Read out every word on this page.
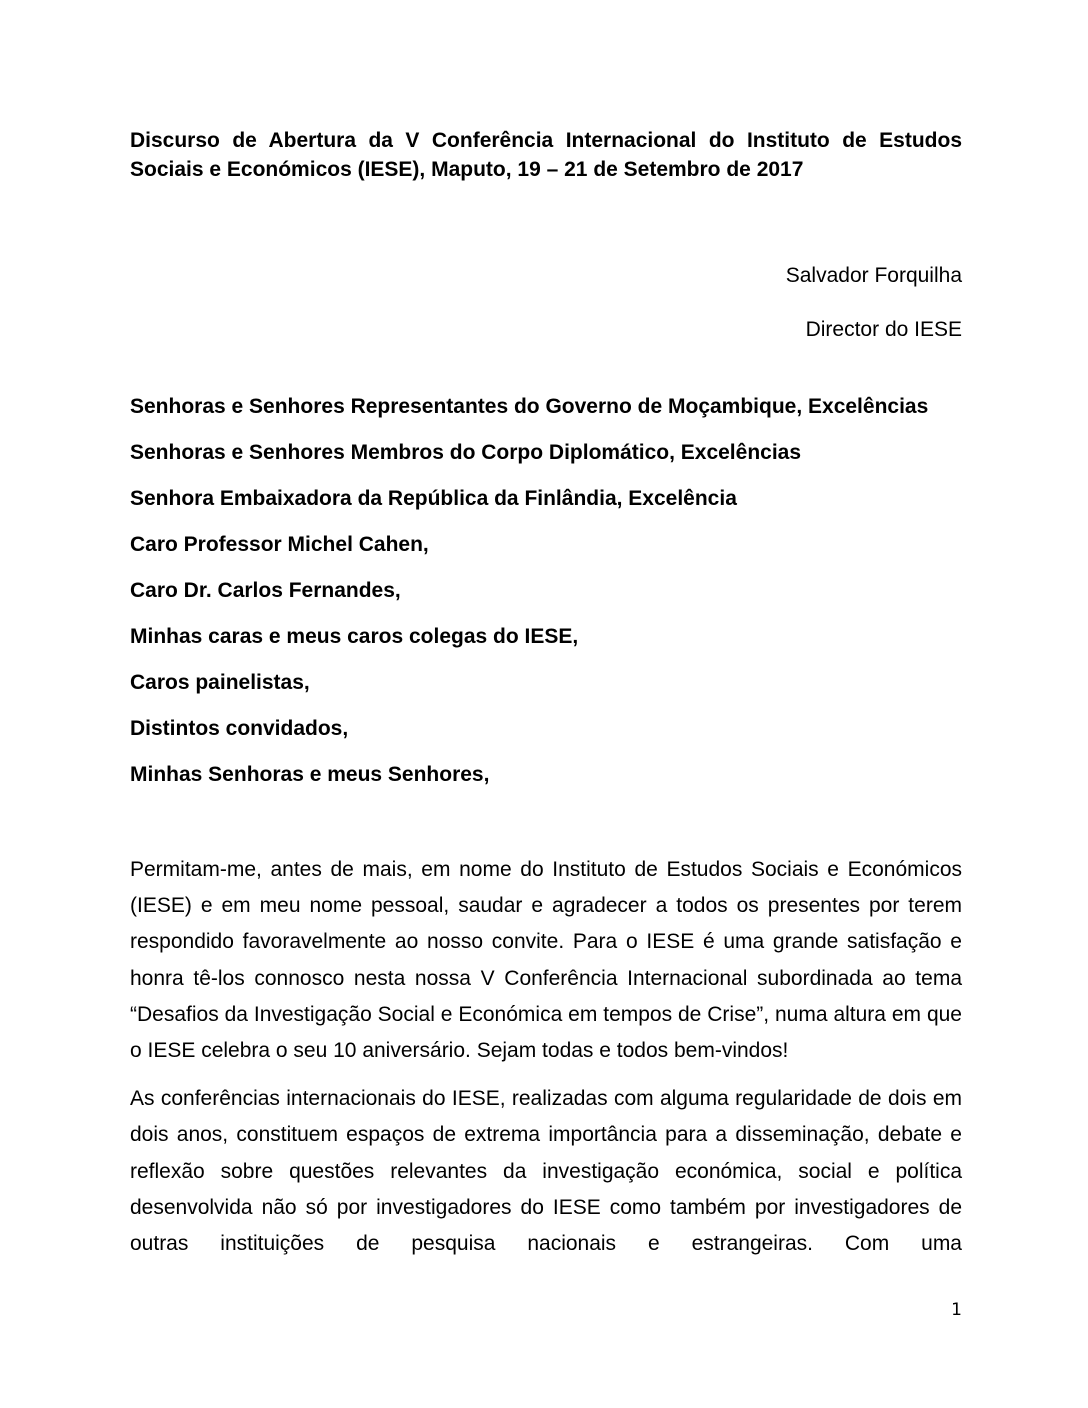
Discurso de Abertura da V Conferência Internacional do Instituto de Estudos Sociais e Económicos (IESE), Maputo, 19 – 21 de Setembro de 2017
Salvador Forquilha
Director do IESE
Senhoras e Senhores Representantes do Governo de Moçambique, Excelências
Senhoras e Senhores Membros do Corpo Diplomático, Excelências
Senhora Embaixadora da República da Finlândia, Excelência
Caro Professor Michel Cahen,
Caro Dr. Carlos Fernandes,
Minhas caras e meus caros colegas do IESE,
Caros painelistas,
Distintos convidados,
Minhas Senhoras e meus Senhores,

Permitam-me, antes de mais, em nome do Instituto de Estudos Sociais e Económicos (IESE) e em meu nome pessoal, saudar e agradecer a todos os presentes por terem respondido favoravelmente ao nosso convite. Para o IESE é uma grande satisfação e honra tê-los connosco nesta nossa V Conferência Internacional subordinada ao tema “Desafios da Investigação Social e Económica em tempos de Crise”, numa altura em que o IESE celebra o seu 10 aniversário. Sejam todas e todos bem-vindos!

As conferências internacionais do IESE, realizadas com alguma regularidade de dois em dois anos, constituem espaços de extrema importância para a disseminação, debate e reflexão sobre questões relevantes da investigação económica, social e política desenvolvida não só por investigadores do IESE como também por investigadores de outras instituições de pesquisa nacionais e estrangeiras. Com uma

1
